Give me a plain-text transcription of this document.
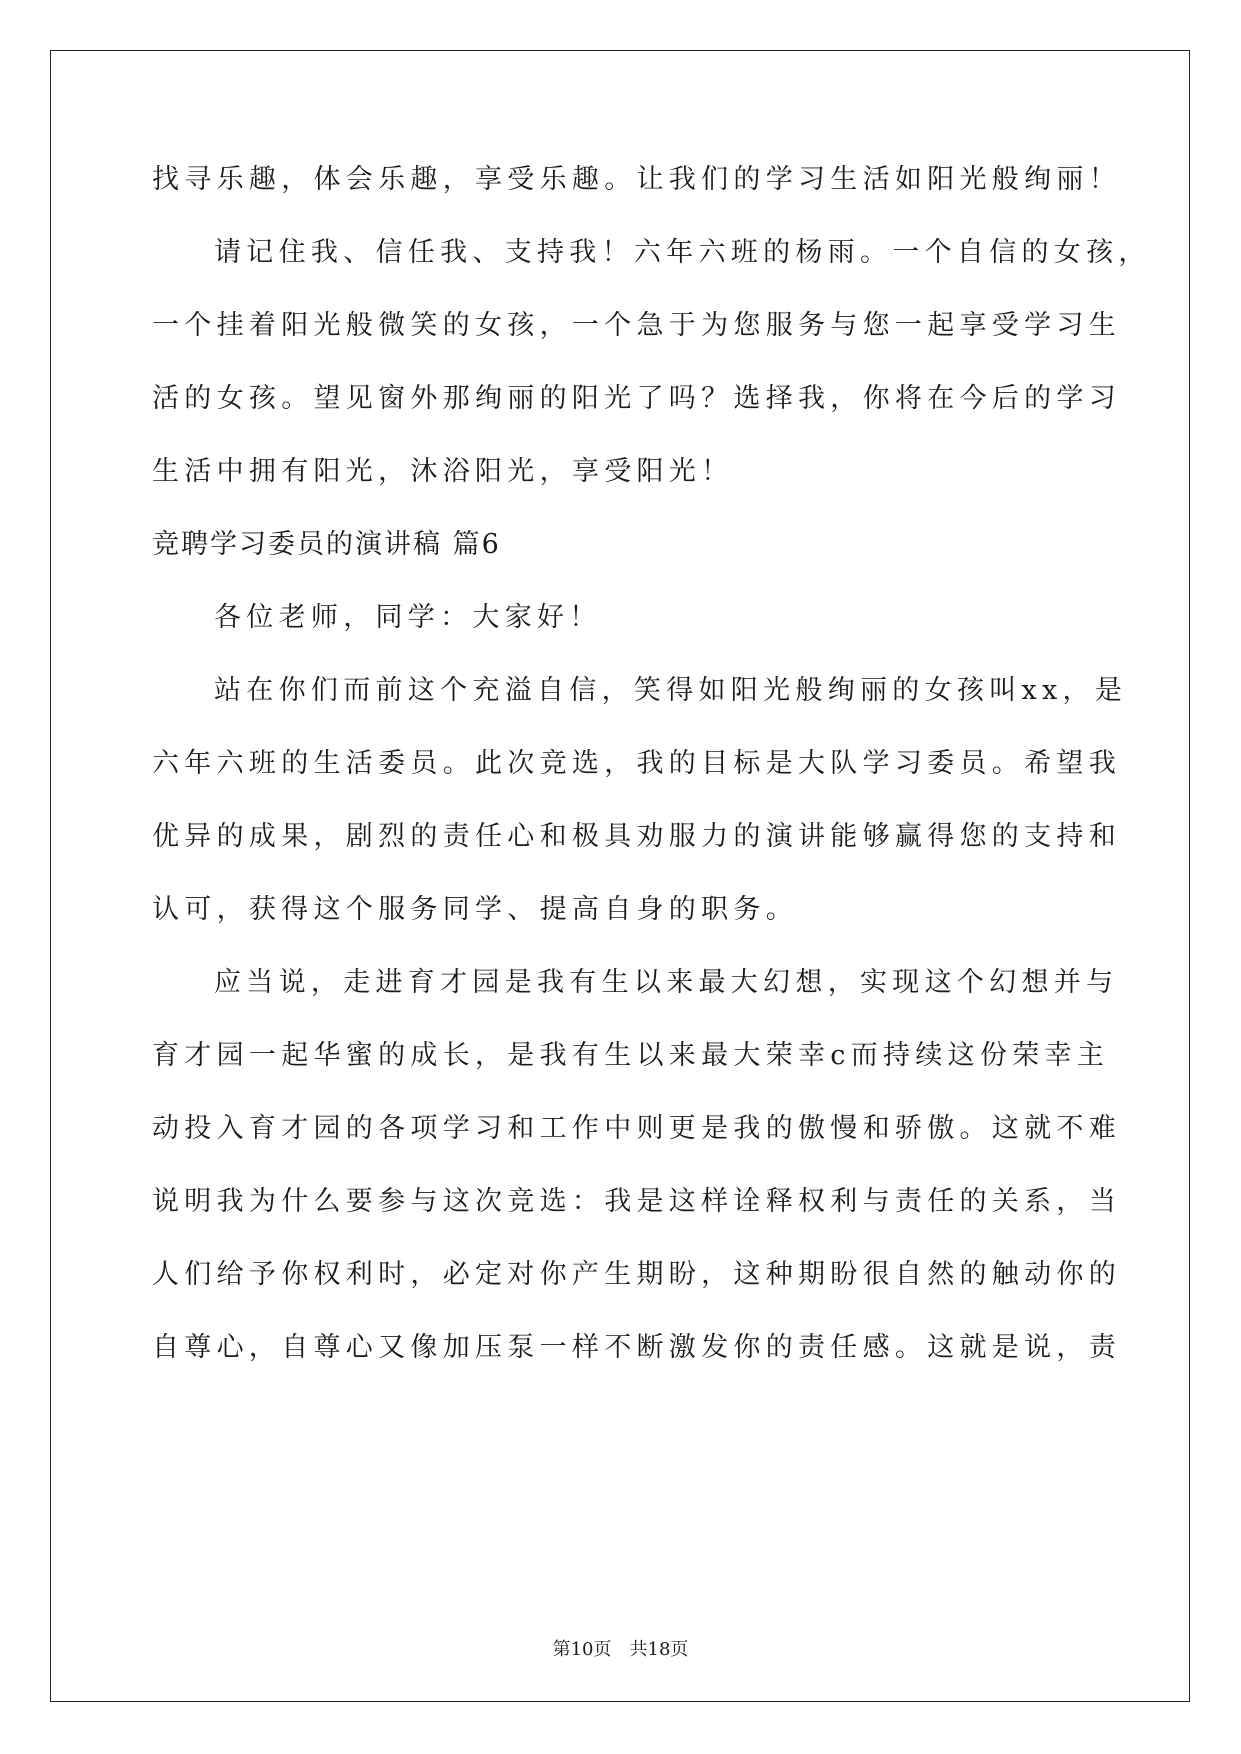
找寻乐趣，体会乐趣，享受乐趣。让我们的学习生活如阳光般绚丽！
请记住我、信任我、支持我！六年六班的杨雨。一个自信的女孩，
一个挂着阳光般微笑的女孩，一个急于为您服务与您一起享受学习生
活的女孩。望见窗外那绚丽的阳光了吗？选择我，你将在今后的学习
生活中拥有阳光，沐浴阳光，享受阳光！
竞聘学习委员的演讲稿 篇6
各位老师，同学：大家好！
站在你们而前这个充溢自信，笑得如阳光般绚丽的女孩叫xx，是
六年六班的生活委员。此次竞选，我的目标是大队学习委员。希望我
优异的成果，剧烈的责任心和极具劝服力的演讲能够赢得您的支持和
认可，获得这个服务同学、提高自身的职务。
应当说，走进育才园是我有生以来最大幻想，实现这个幻想并与
育才园一起华蜜的成长，是我有生以来最大荣幸c而持续这份荣幸主
动投入育才园的各项学习和工作中则更是我的傲慢和骄傲。这就不难
说明我为什么要参与这次竞选：我是这样诠释权利与责任的关系，当
人们给予你权利时，必定对你产生期盼，这种期盼很自然的触动你的
自尊心，自尊心又像加压泵一样不断激发你的责任感。这就是说，责
第10页　共18页
